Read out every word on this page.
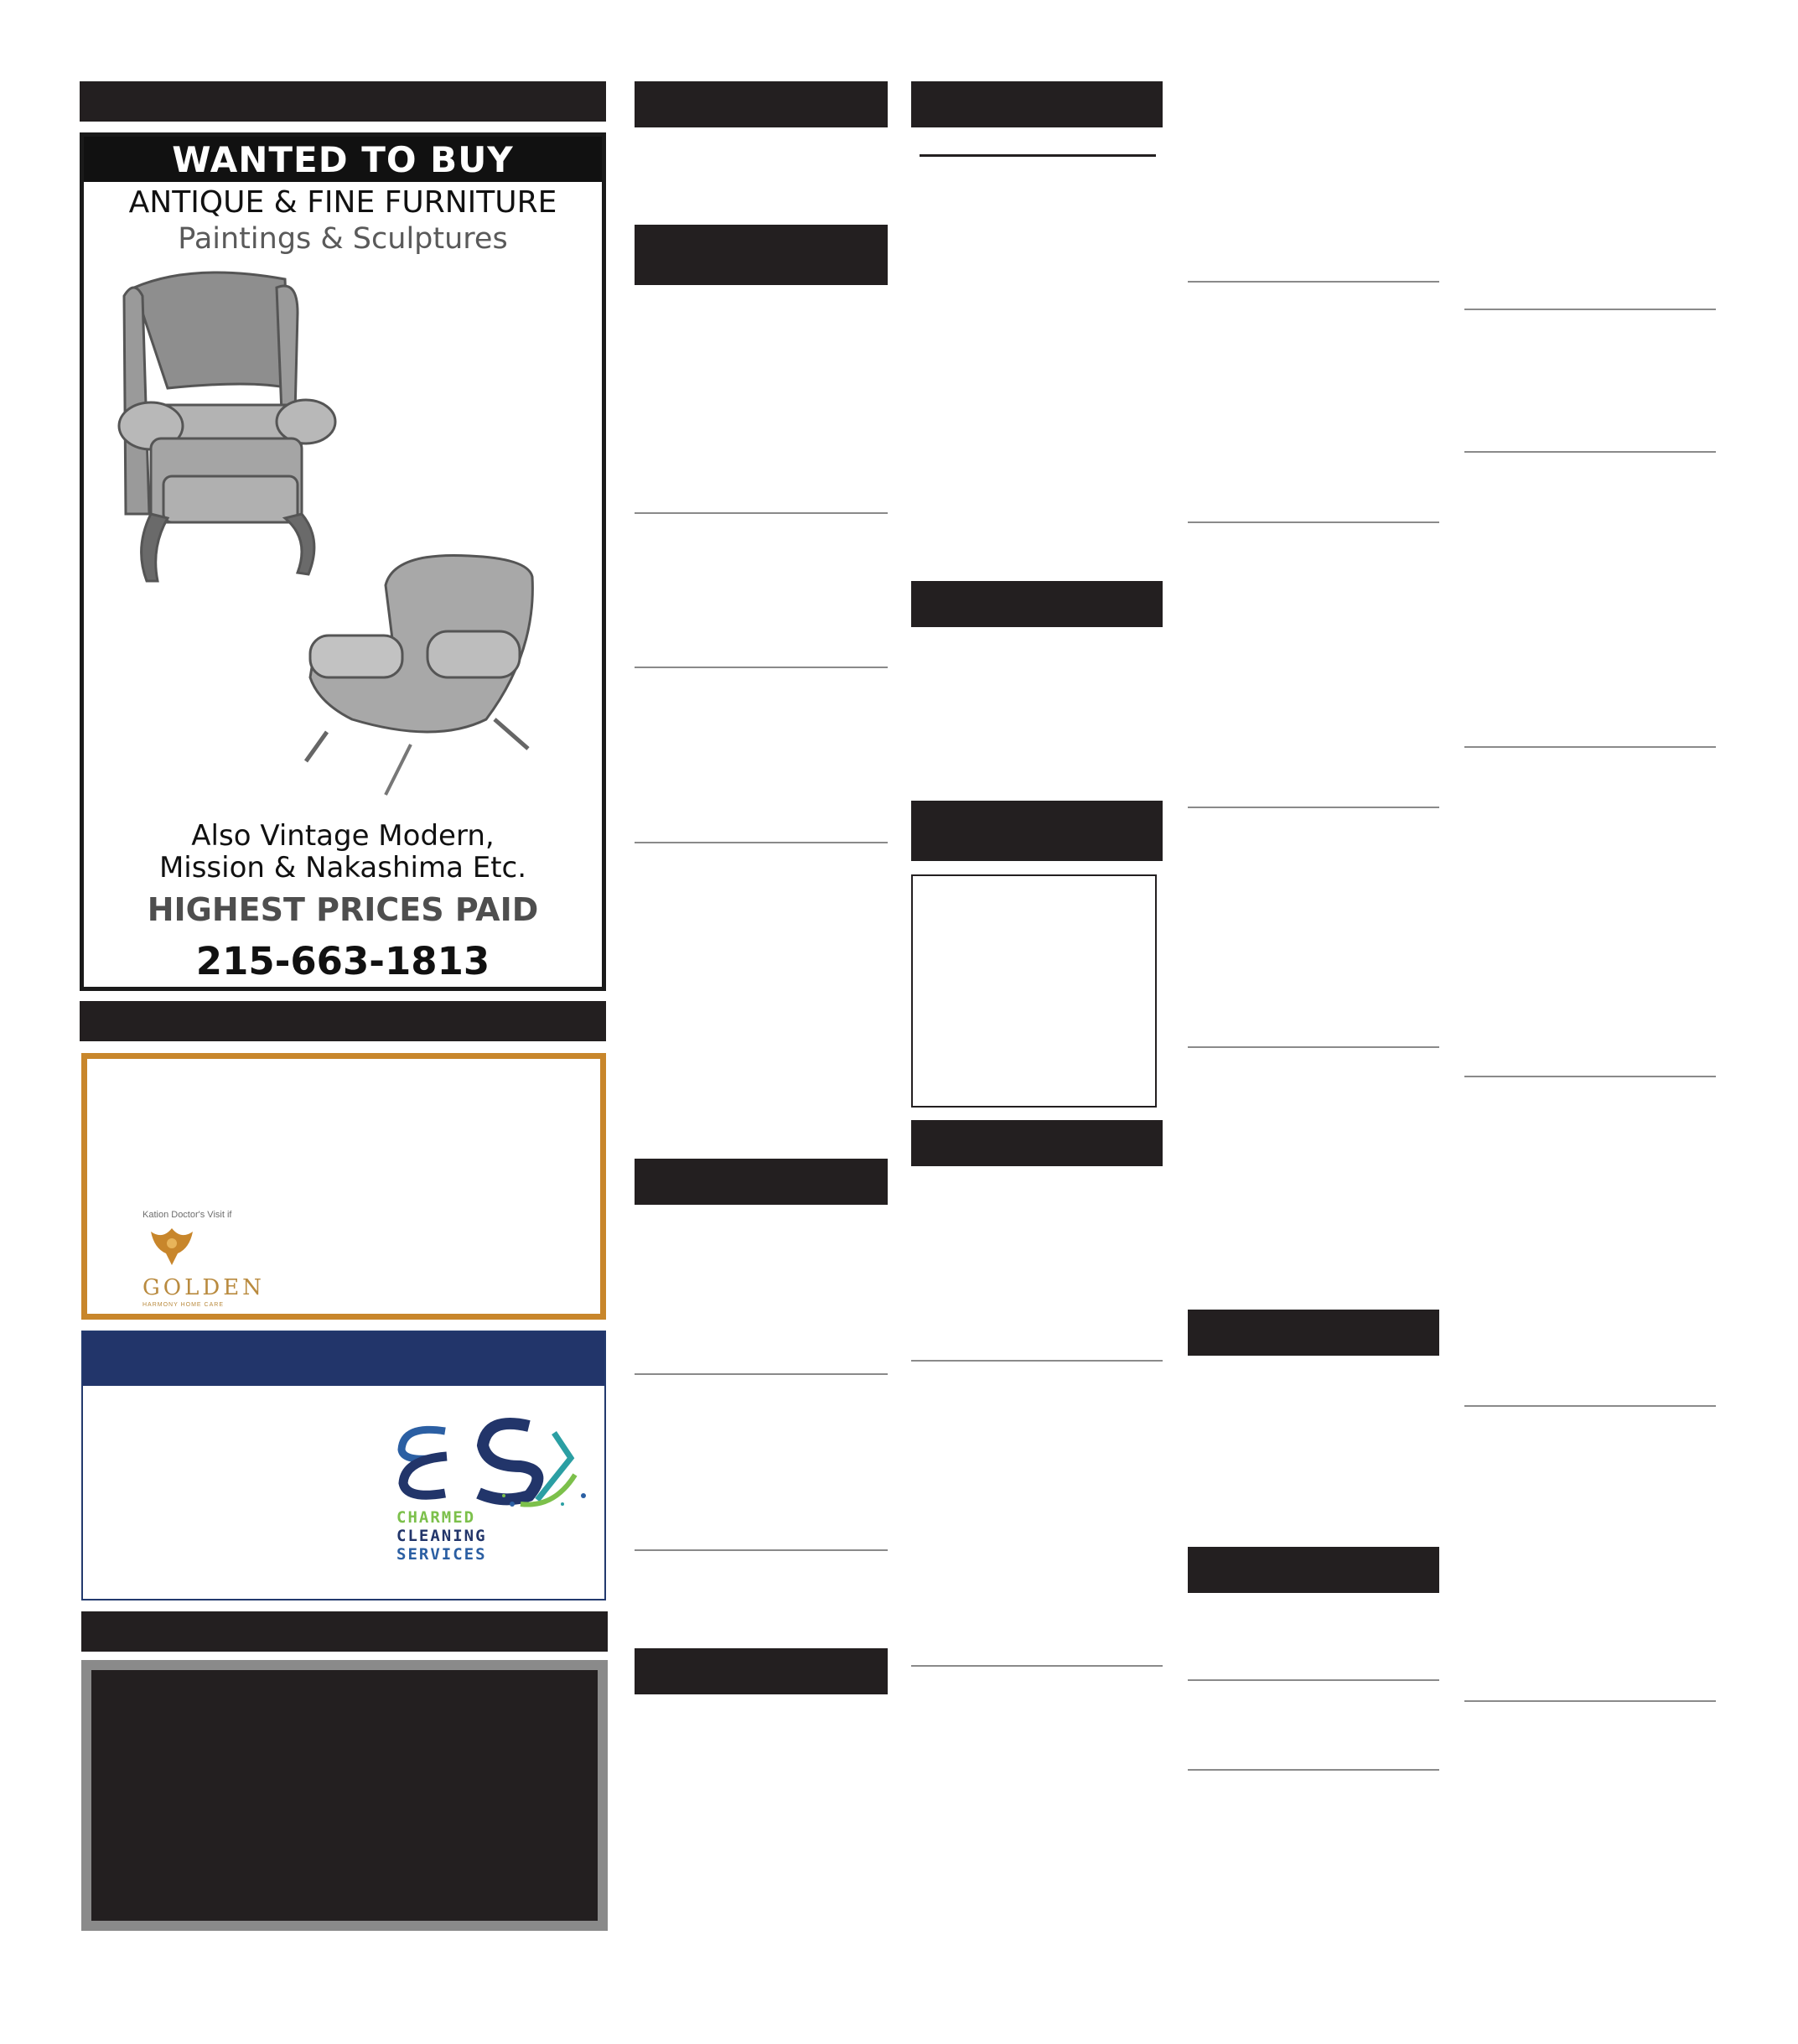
WANTED TO BUY
ANTIQUE & FINE FURNITURE
Paintings & Sculptures
Also Vintage Modern,
Mission & Nakashima Etc.
HIGHEST PRICES PAID
215-663-1813
Kation Doctor's Visit if
GOLDEN
HARMONY HOME CARE
CHARMED
CLEANING
SERVICES
